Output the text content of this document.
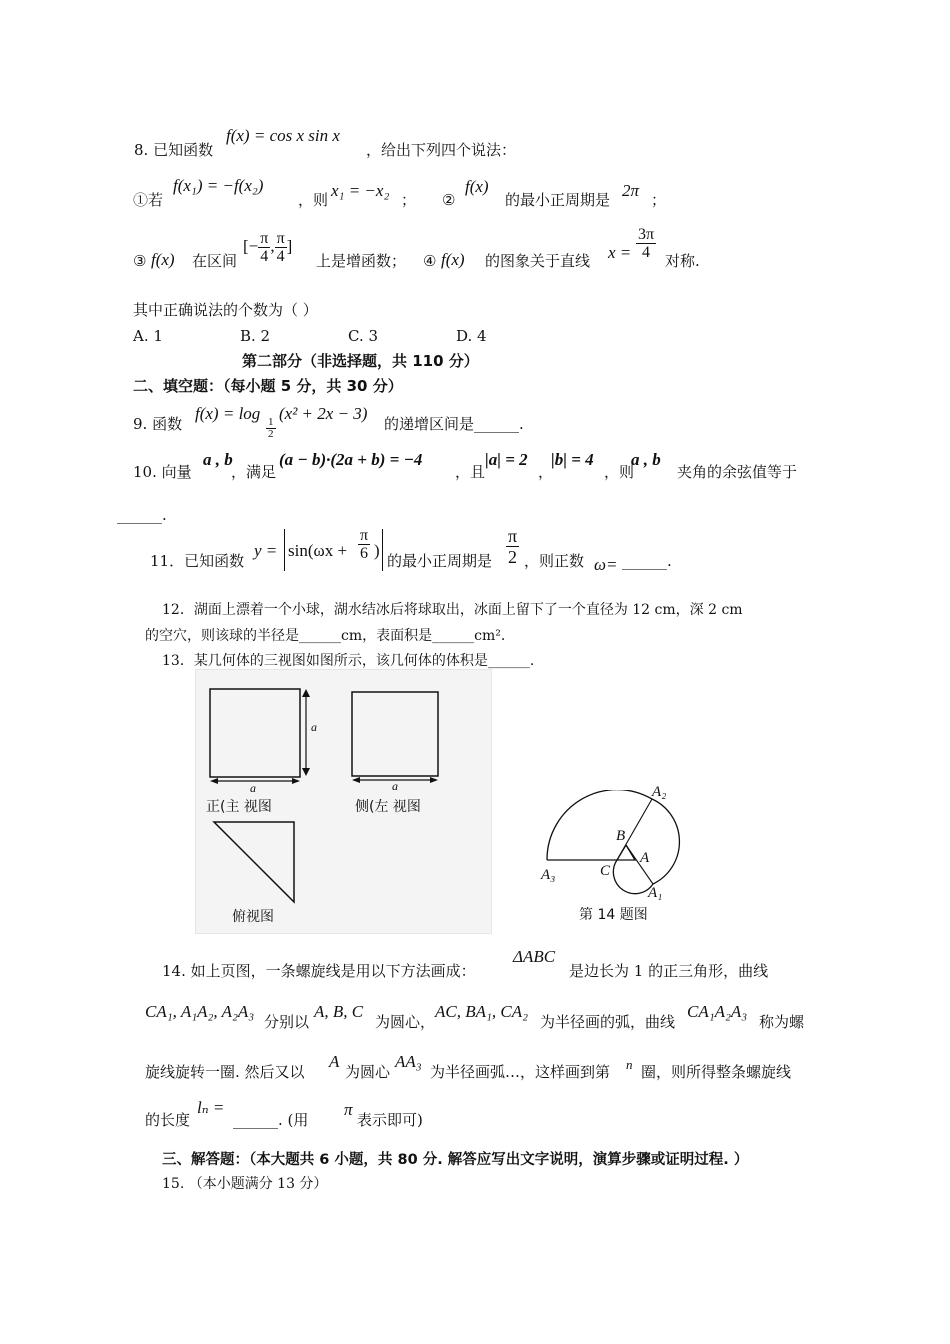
8. 已知函数
f(x) = cos x sin x
，给出下列四个说法：
①若
f(x₁) = −f(x₂)
，则 x₁ = −x₂ ； ②
f(x)
的最小正周期是 2π ；
③ f(x) 在区间
[− $\frac{\pi}{4}$ , $\frac{\pi}{4}$ ]
上是增函数； ④ f(x) 的图象关于直线 $x = \frac{3\pi}{4}$ 对称.
其中正确说法的个数为（ ）
A. 1	B. 2	C. 3	D. 4
第二部分（非选择题，共 110 分）
二、填空题：（每小题 5 分，共 30 分）
9. 函数
f(x) = log
$\frac{1}{2}$
(x² + 2x − 3)
的递增区间是______.
10. 向量
a , b
，满足
(a − b)·(2a + b) = −4
，且
|a| = 2
，
|b| = 4
，则
a , b
夹角的余弦值等于
______.
11．已知函数
$y = \sin(\omega x + \frac{\pi}{6}$ )
的最小正周期是 $\frac{\pi}{2}$ ，则正数 ω= ______.
12．湖面上漂着一个小球，湖水结冰后将球取出，冰面上留下了一个直径为 12 cm，深 2 cm
的空穴，则该球的半径是______cm，表面积是______cm².
13．某几何体的三视图如图所示，该几何体的体积是______.
a
a	a
正(主 视图	侧(左 视图
俯视图
A₂
B
A
C
A₃
A₁
第 14 题图
14. 如上页图，一条螺旋线是用以下方法画成：
ΔABC
是边长为 1 的正三角形，曲线
CA₁, A₁A₂, A₂A₃
分别以
A, B, C
为圆心，
AC, BA₁, CA₂
为半径画的弧，曲线
CA₁A₂A₃
称为螺
旋线旋转一圈. 然后又以
A
为圆心
AA₃
为半径画弧…，这样画到第 n 圈，则所得整条螺旋线
的长度
lₙ =
______. (用
π
表示即可)
三、解答题：（本大题共 6 小题，共 80 分. 解答应写出文字说明，演算步骤或证明过程. ）
15. （本小题满分 13 分）
